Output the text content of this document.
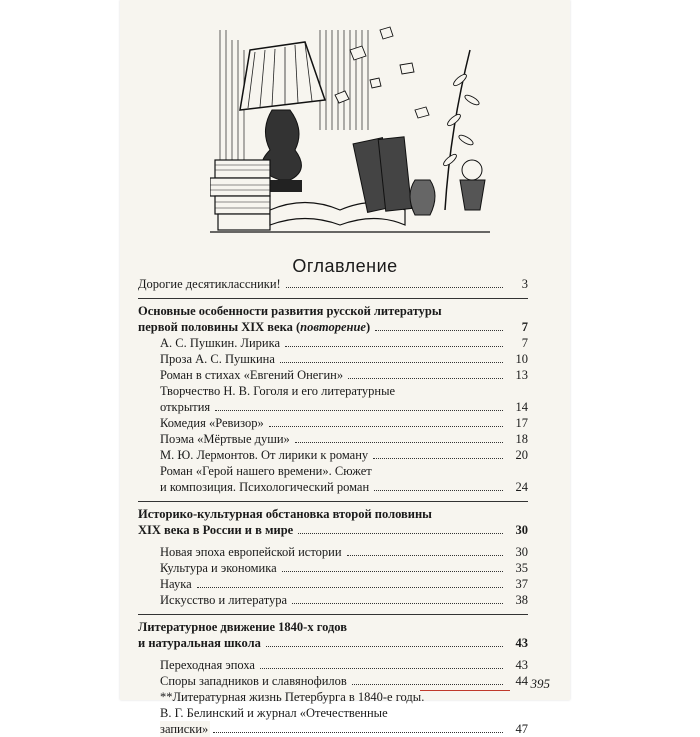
Оглавление
Дорогие десятиклассники!	3
Основные особенности развития русской литературы
первой половины XIX века (повторение)	7
А. С. Пушкин. Лирика	7
Проза А. С. Пушкина	10
Роман в стихах «Евгений Онегин»	13
Творчество Н. В. Гоголя и его литературные
открытия	14
Комедия «Ревизор»	17
Поэма «Мёртвые души»	18
М. Ю. Лермонтов. От лирики к роману	20
Роман «Герой нашего времени». Сюжет
и композиция. Психологический роман	24
Историко-культурная обстановка второй половины
XIX века в России и в мире	30
Новая эпоха европейской истории	30
Культура и экономика	35
Наука	37
Искусство и литература	38
Литературное движение 1840-х годов
и натуральная школа	43
Переходная эпоха	43
Споры западников и славянофилов	44
**Литературная жизнь Петербурга в 1840-е годы.
В. Г. Белинский и журнал «Отечественные
записки»	47
395
